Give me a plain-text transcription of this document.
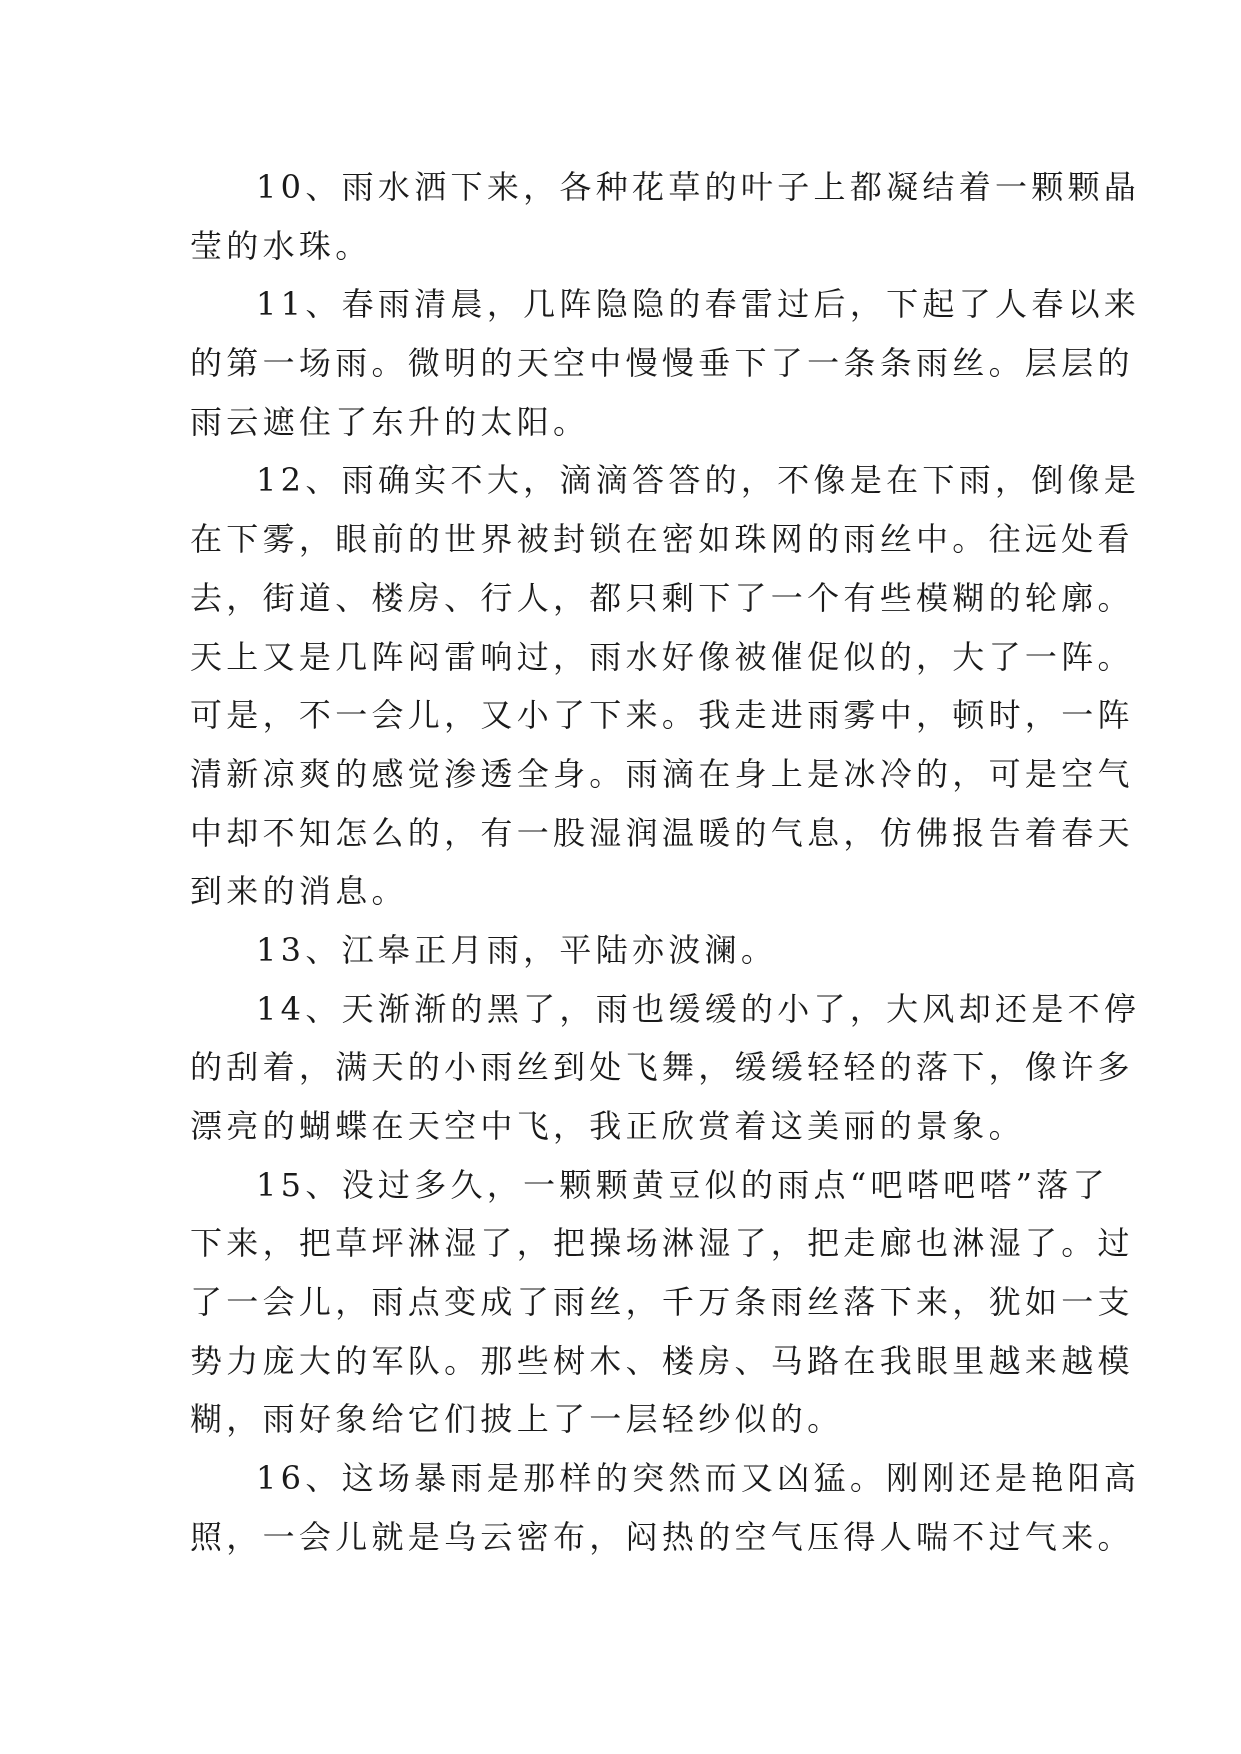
10、雨水洒下来，各种花草的叶子上都凝结着一颗颗晶
莹的水珠。
11、春雨清晨，几阵隐隐的春雷过后，下起了人春以来
的第一场雨。微明的天空中慢慢垂下了一条条雨丝。层层的
雨云遮住了东升的太阳。
12、雨确实不大，滴滴答答的，不像是在下雨，倒像是
在下雾，眼前的世界被封锁在密如珠网的雨丝中。往远处看
去，街道、楼房、行人，都只剩下了一个有些模糊的轮廓。
天上又是几阵闷雷响过，雨水好像被催促似的，大了一阵。
可是，不一会儿，又小了下来。我走进雨雾中，顿时，一阵
清新凉爽的感觉渗透全身。雨滴在身上是冰冷的，可是空气
中却不知怎么的，有一股湿润温暖的气息，仿佛报告着春天
到来的消息。
13、江皋正月雨，平陆亦波澜。
14、天渐渐的黑了，雨也缓缓的小了，大风却还是不停
的刮着，满天的小雨丝到处飞舞，缓缓轻轻的落下，像许多
漂亮的蝴蝶在天空中飞，我正欣赏着这美丽的景象。
15、没过多久，一颗颗黄豆似的雨点“吧嗒吧嗒”落了
下来，把草坪淋湿了，把操场淋湿了，把走廊也淋湿了。过
了一会儿，雨点变成了雨丝，千万条雨丝落下来，犹如一支
势力庞大的军队。那些树木、楼房、马路在我眼里越来越模
糊，雨好象给它们披上了一层轻纱似的。
16、这场暴雨是那样的突然而又凶猛。刚刚还是艳阳高
照，一会儿就是乌云密布，闷热的空气压得人喘不过气来。
